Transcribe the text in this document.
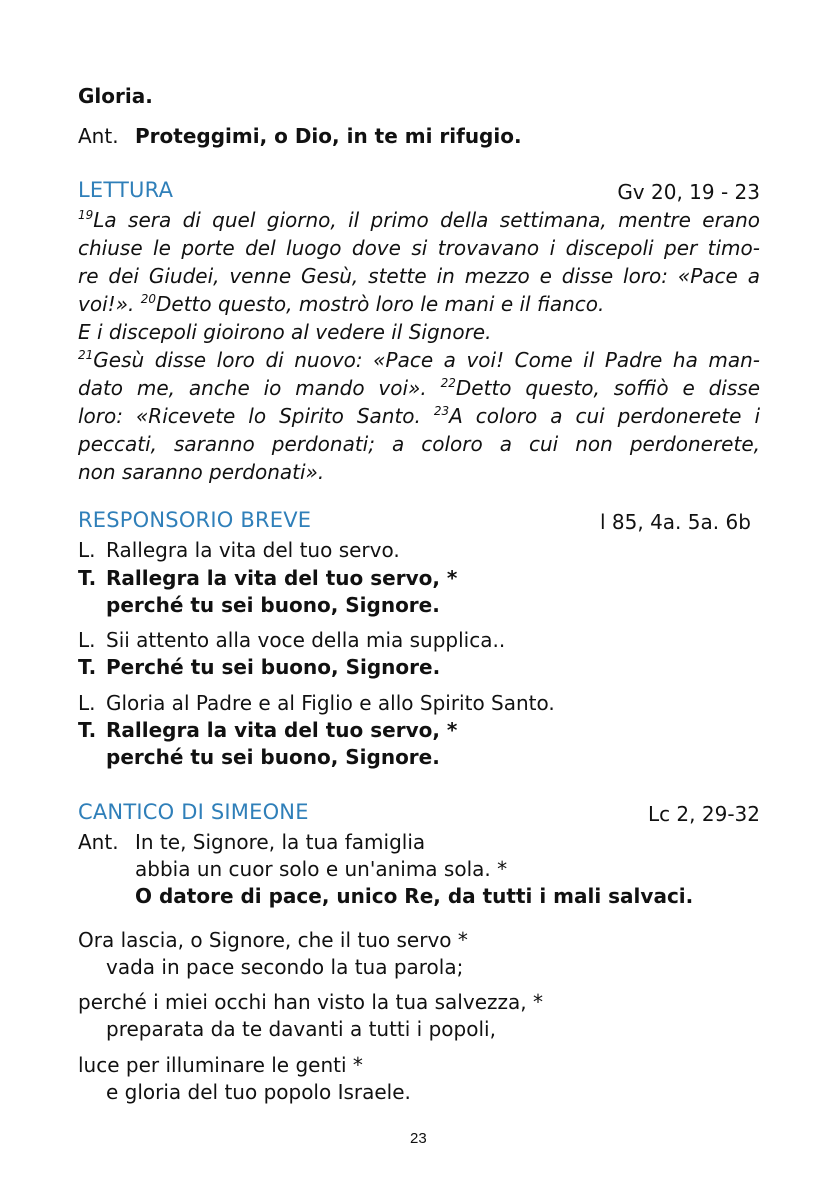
Gloria.
Ant. Proteggimi, o Dio, in te mi rifugio.
LETTURA	Gv 20, 19 - 23
$^{19}$La sera di quel giorno, il primo della settimana, mentre erano
chiuse le porte del luogo dove si trovavano i discepoli per timo-
re dei Giudei, venne Gesù, stette in mezzo e disse loro: «Pace a
voi!». $^{20}$Detto questo, mostrò loro le mani e il fianco.
E i discepoli gioirono al vedere il Signore.
$^{21}$Gesù disse loro di nuovo: «Pace a voi! Come il Padre ha man-
dato me, anche io mando voi». $^{22}$Detto questo, soffiò e disse
loro: «Ricevete lo Spirito Santo. $^{23}$A coloro a cui perdonerete i
peccati, saranno perdonati; a coloro a cui non perdonerete,
non saranno perdonati».
RESPONSORIO BREVE	l 85, 4a. 5a. 6b
L. Rallegra la vita del tuo servo.
T. Rallegra la vita del tuo servo, *
perché tu sei buono, Signore.
L. Sii attento alla voce della mia supplica..
T. Perché tu sei buono, Signore.
L. Gloria al Padre e al Figlio e allo Spirito Santo.
T. Rallegra la vita del tuo servo, *
perché tu sei buono, Signore.
CANTICO DI SIMEONE	Lc 2, 29-32
Ant. In te, Signore, la tua famiglia
abbia un cuor solo e un'anima sola. *
O datore di pace, unico Re, da tutti i mali salvaci.
Ora lascia, o Signore, che il tuo servo *
vada in pace secondo la tua parola;
perché i miei occhi han visto la tua salvezza, *
preparata da te davanti a tutti i popoli,
luce per illuminare le genti *
e gloria del tuo popolo Israele.
23
